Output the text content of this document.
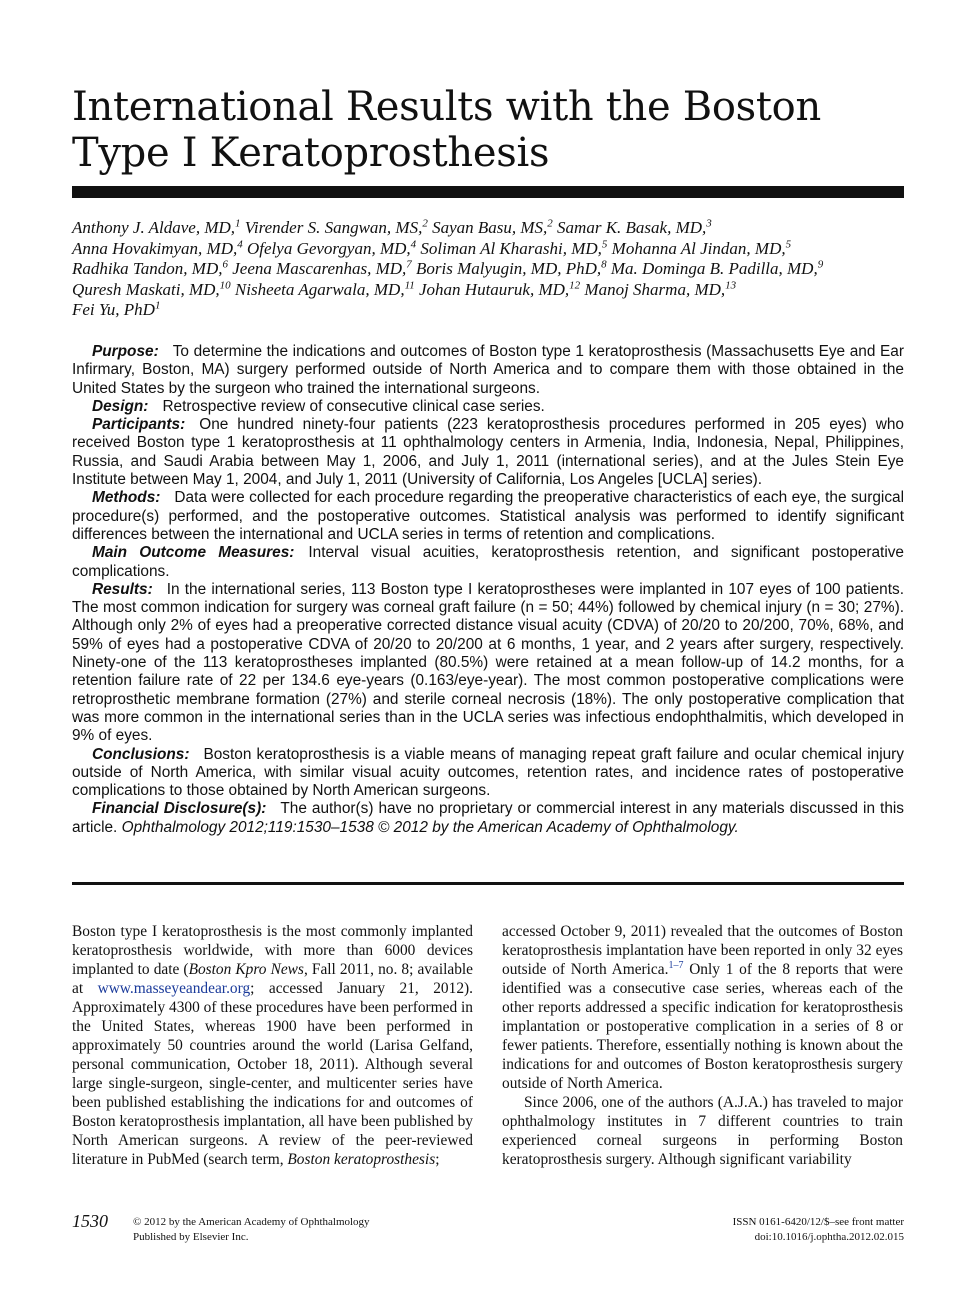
International Results with the Boston Type I Keratoprosthesis
Anthony J. Aldave, MD,$^1$ Virender S. Sangwan, MS,$^2$ Sayan Basu, MS,$^2$ Samar K. Basak, MD,$^3$
Anna Hovakimyan, MD,$^4$ Ofelya Gevorgyan, MD,$^4$ Soliman Al Kharashi, MD,$^5$ Mohanna Al Jindan, MD,$^5$
Radhika Tandon, MD,$^6$ Jeena Mascarenhas, MD,$^7$ Boris Malyugin, MD, PhD,$^8$ Ma. Dominga B. Padilla, MD,$^9$
Quresh Maskati, MD,$^{10}$ Nisheeta Agarwala, MD,$^{11}$ Johan Hutauruk, MD,$^{12}$ Manoj Sharma, MD,$^{13}$
Fei Yu, PhD$^1$

Purpose: To determine the indications and outcomes of Boston type 1 keratoprosthesis (Massachusetts Eye and Ear Infirmary, Boston, MA) surgery performed outside of North America and to compare them with those obtained in the United States by the surgeon who trained the international surgeons.

Design: Retrospective review of consecutive clinical case series.

Participants: One hundred ninety-four patients (223 keratoprosthesis procedures performed in 205 eyes) who received Boston type 1 keratoprosthesis at 11 ophthalmology centers in Armenia, India, Indonesia, Nepal, Philippines, Russia, and Saudi Arabia between May 1, 2006, and July 1, 2011 (international series), and at the Jules Stein Eye Institute between May 1, 2004, and July 1, 2011 (University of California, Los Angeles [UCLA] series).

Methods: Data were collected for each procedure regarding the preoperative characteristics of each eye, the surgical procedure(s) performed, and the postoperative outcomes. Statistical analysis was performed to identify significant differences between the international and UCLA series in terms of retention and complications.

Main Outcome Measures: Interval visual acuities, keratoprosthesis retention, and significant postoperative complications.

Results: In the international series, 113 Boston type I keratoprostheses were implanted in 107 eyes of 100 patients. The most common indication for surgery was corneal graft failure (n = 50; 44%) followed by chemical injury (n = 30; 27%). Although only 2% of eyes had a preoperative corrected distance visual acuity (CDVA) of 20/20 to 20/200, 70%, 68%, and 59% of eyes had a postoperative CDVA of 20/20 to 20/200 at 6 months, 1 year, and 2 years after surgery, respectively. Ninety-one of the 113 keratoprostheses implanted (80.5%) were retained at a mean follow-up of 14.2 months, for a retention failure rate of 22 per 134.6 eye-years (0.163/eye-year). The most common postoperative complications were retroprosthetic membrane formation (27%) and sterile corneal necrosis (18%). The only postoperative complication that was more common in the international series than in the UCLA series was infectious endophthalmitis, which developed in 9% of eyes.

Conclusions: Boston keratoprosthesis is a viable means of managing repeat graft failure and ocular chemical injury outside of North America, with similar visual acuity outcomes, retention rates, and incidence rates of postoperative complications to those obtained by North American surgeons.

Financial Disclosure(s): The author(s) have no proprietary or commercial interest in any materials discussed in this article. Ophthalmology 2012;119:1530–1538 © 2012 by the American Academy of Ophthalmology.

Boston type I keratoprosthesis is the most commonly implanted keratoprosthesis worldwide, with more than 6000 devices implanted to date (Boston Kpro News, Fall 2011, no. 8; available at www.masseyeandear.org; accessed January 21, 2012). Approximately 4300 of these procedures have been performed in the United States, whereas 1900 have been performed in approximately 50 countries around the world (Larisa Gelfand, personal communication, October 18, 2011). Although several large single-surgeon, single-center, and multicenter series have been published establishing the indications for and outcomes of Boston keratoprosthesis implantation, all have been published by North American surgeons. A review of the peer-reviewed literature in PubMed (search term, Boston keratoprosthesis;

accessed October 9, 2011) revealed that the outcomes of Boston keratoprosthesis implantation have been reported in only 32 eyes outside of North America.$^{1-7}$ Only 1 of the 8 reports that were identified was a consecutive case series, whereas each of the other reports addressed a specific indication for keratoprosthesis implantation or postoperative complication in a series of 8 or fewer patients. Therefore, essentially nothing is known about the indications for and outcomes of Boston keratoprosthesis surgery outside of North America.

Since 2006, one of the authors (A.J.A.) has traveled to major ophthalmology institutes in 7 different countries to train experienced corneal surgeons in performing Boston keratoprosthesis surgery. Although significant variability

1530 © 2012 by the American Academy of Ophthalmology
Published by Elsevier Inc.
ISSN 0161-6420/12/$–see front matter
doi:10.1016/j.ophtha.2012.02.015
